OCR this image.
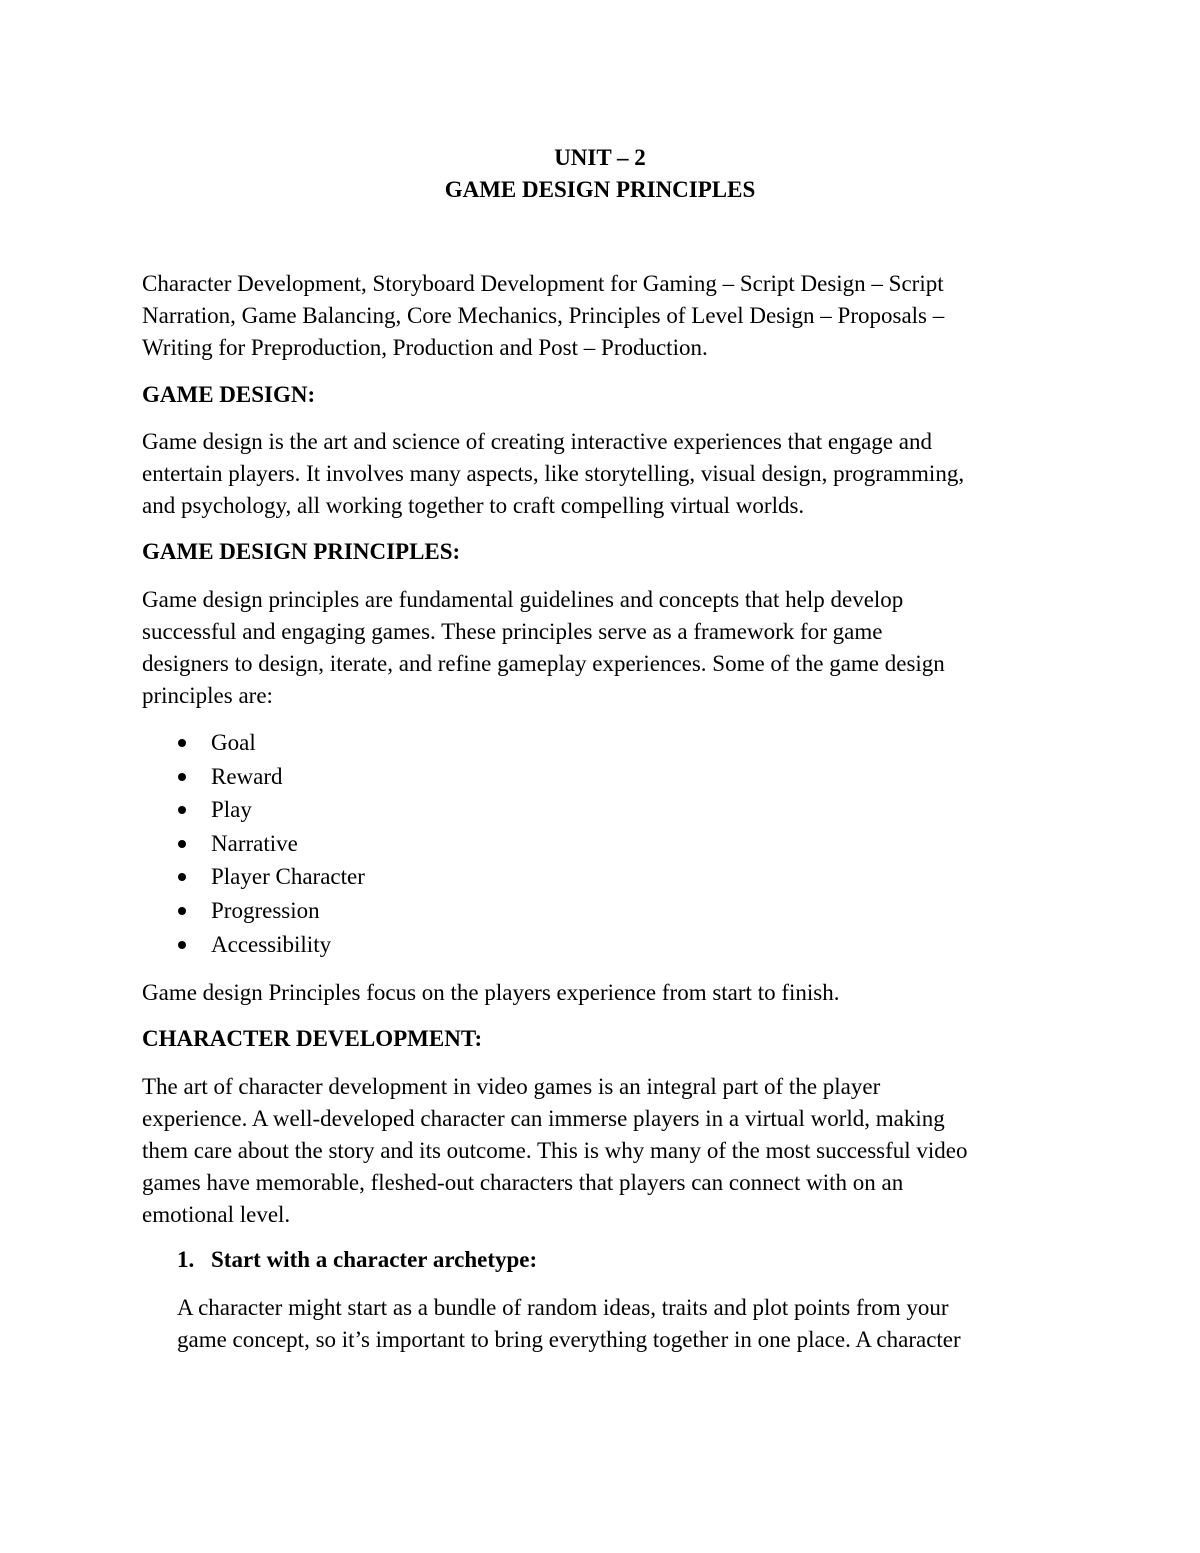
UNIT – 2
GAME DESIGN PRINCIPLES
Character Development, Storyboard Development for Gaming – Script Design – Script
Narration, Game Balancing, Core Mechanics, Principles of Level Design – Proposals –
Writing for Preproduction, Production and Post – Production.
GAME DESIGN:
Game design is the art and science of creating interactive experiences that engage and
entertain players. It involves many aspects, like storytelling, visual design, programming,
and psychology, all working together to craft compelling virtual worlds.
GAME DESIGN PRINCIPLES:
Game design principles are fundamental guidelines and concepts that help develop
successful and engaging games. These principles serve as a framework for game
designers to design, iterate, and refine gameplay experiences. Some of the game design
principles are:
Goal
Reward
Play
Narrative
Player Character
Progression
Accessibility
Game design Principles focus on the players experience from start to finish.
CHARACTER DEVELOPMENT:
The art of character development in video games is an integral part of the player
experience. A well-developed character can immerse players in a virtual world, making
them care about the story and its outcome. This is why many of the most successful video
games have memorable, fleshed-out characters that players can connect with on an
emotional level.
1. Start with a character archetype:
A character might start as a bundle of random ideas, traits and plot points from your
game concept, so it’s important to bring everything together in one place. A character
